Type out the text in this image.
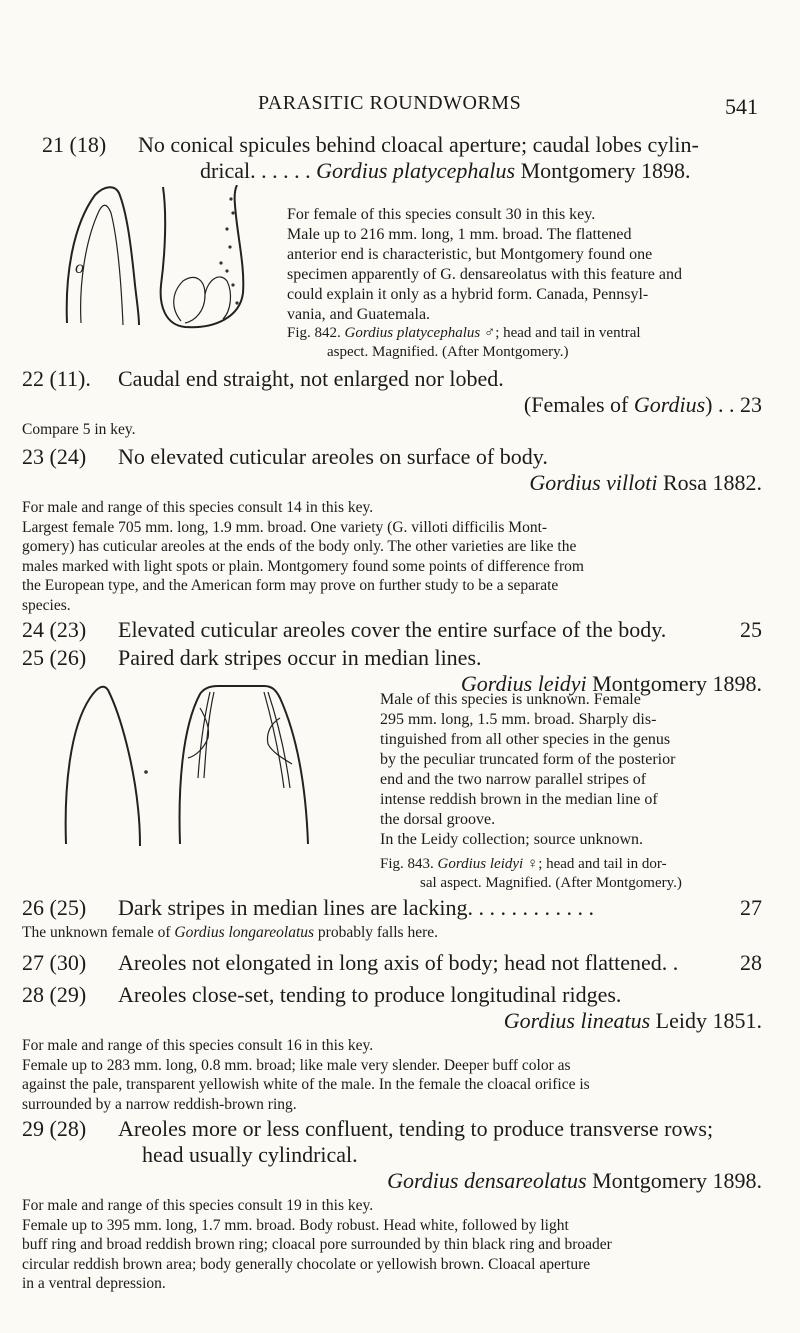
PARASITIC ROUNDWORMS	541
21 (18) No conical spicules behind cloacal aperture; caudal lobes cylin-
drical. . . . . . Gordius platycephalus Montgomery 1898.
o
For female of this species consult 30 in this key.
Male up to 216 mm. long, 1 mm. broad. The flattened
anterior end is characteristic, but Montgomery found one
specimen apparently of G. densareolatus with this feature and
could explain it only as a hybrid form. Canada, Pennsyl-
vania, and Guatemala.
Fig. 842. Gordius platycephalus ♂; head and tail in ventral
aspect. Magnified. (After Montgomery.)
22 (11). Caudal end straight, not enlarged nor lobed.
(Females of Gordius) . . 23
Compare 5 in key.
23 (24) No elevated cuticular areoles on surface of body.
Gordius villoti Rosa 1882.
For male and range of this species consult 14 in this key.
Largest female 705 mm. long, 1.9 mm. broad. One variety (G. villoti difficilis Mont-
gomery) has cuticular areoles at the ends of the body only. The other varieties are like the
males marked with light spots or plain. Montgomery found some points of difference from
the European type, and the American form may prove on further study to be a separate
species.
24 (23) Elevated cuticular areoles cover the entire surface of the body.	25
25 (26) Paired dark stripes occur in median lines.
Gordius leidyi Montgomery 1898.
Male of this species is unknown. Female
295 mm. long, 1.5 mm. broad. Sharply dis-
tinguished from all other species in the genus
by the peculiar truncated form of the posterior
end and the two narrow parallel stripes of
intense reddish brown in the median line of
the dorsal groove.
In the Leidy collection; source unknown.
Fig. 843. Gordius leidyi ♀; head and tail in dor-
sal aspect. Magnified. (After Montgomery.)
26 (25) Dark stripes in median lines are lacking. . . . . . . . . . . .	27
The unknown female of Gordius longareolatus probably falls here.
27 (30) Areoles not elongated in long axis of body; head not flattened. .	28
28 (29) Areoles close-set, tending to produce longitudinal ridges.
Gordius lineatus Leidy 1851.
For male and range of this species consult 16 in this key.
Female up to 283 mm. long, 0.8 mm. broad; like male very slender. Deeper buff color as
against the pale, transparent yellowish white of the male. In the female the cloacal orifice is
surrounded by a narrow reddish-brown ring.
29 (28) Areoles more or less confluent, tending to produce transverse rows;
head usually cylindrical.
Gordius densareolatus Montgomery 1898.
For male and range of this species consult 19 in this key.
Female up to 395 mm. long, 1.7 mm. broad. Body robust. Head white, followed by light
buff ring and broad reddish brown ring; cloacal pore surrounded by thin black ring and broader
circular reddish brown area; body generally chocolate or yellowish brown. Cloacal aperture
in a ventral depression.
